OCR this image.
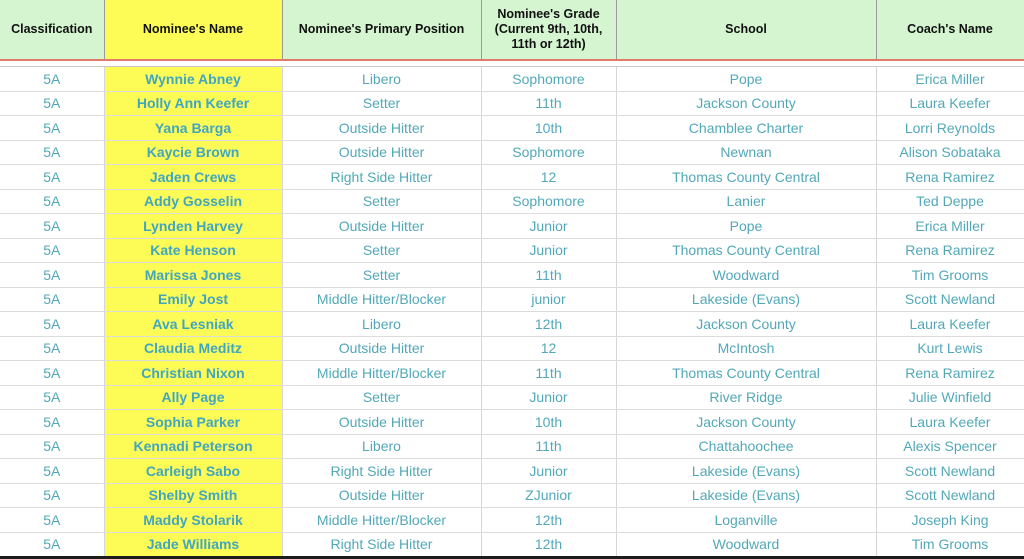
Classification	Nominee's Name	Nominee's Primary Position	Nominee's Grade (Current 9th, 10th, 11th or 12th)	School	Coach's Name

5A	Wynnie Abney	Libero	Sophomore	Pope	Erica Miller
5A	Holly Ann Keefer	Setter	11th	Jackson County	Laura Keefer
5A	Yana Barga	Outside Hitter	10th	Chamblee Charter	Lorri Reynolds
5A	Kaycie Brown	Outside Hitter	Sophomore	Newnan	Alison Sobataka
5A	Jaden Crews	Right Side Hitter	12	Thomas County Central	Rena Ramirez
5A	Addy Gosselin	Setter	Sophomore	Lanier	Ted Deppe
5A	Lynden Harvey	Outside Hitter	Junior	Pope	Erica Miller
5A	Kate Henson	Setter	Junior	Thomas County Central	Rena Ramirez
5A	Marissa Jones	Setter	11th	Woodward	Tim Grooms
5A	Emily Jost	Middle Hitter/Blocker	junior	Lakeside (Evans)	Scott Newland
5A	Ava Lesniak	Libero	12th	Jackson County	Laura Keefer
5A	Claudia Meditz	Outside Hitter	12	McIntosh	Kurt Lewis
5A	Christian Nixon	Middle Hitter/Blocker	11th	Thomas County Central	Rena Ramirez
5A	Ally Page	Setter	Junior	River Ridge	Julie Winfield
5A	Sophia Parker	Outside Hitter	10th	Jackson County	Laura Keefer
5A	Kennadi Peterson	Libero	11th	Chattahoochee	Alexis Spencer
5A	Carleigh Sabo	Right Side Hitter	Junior	Lakeside (Evans)	Scott Newland
5A	Shelby Smith	Outside Hitter	ZJunior	Lakeside (Evans)	Scott Newland
5A	Maddy Stolarik	Middle Hitter/Blocker	12th	Loganville	Joseph King
5A	Jade Williams	Right Side Hitter	12th	Woodward	Tim Grooms
